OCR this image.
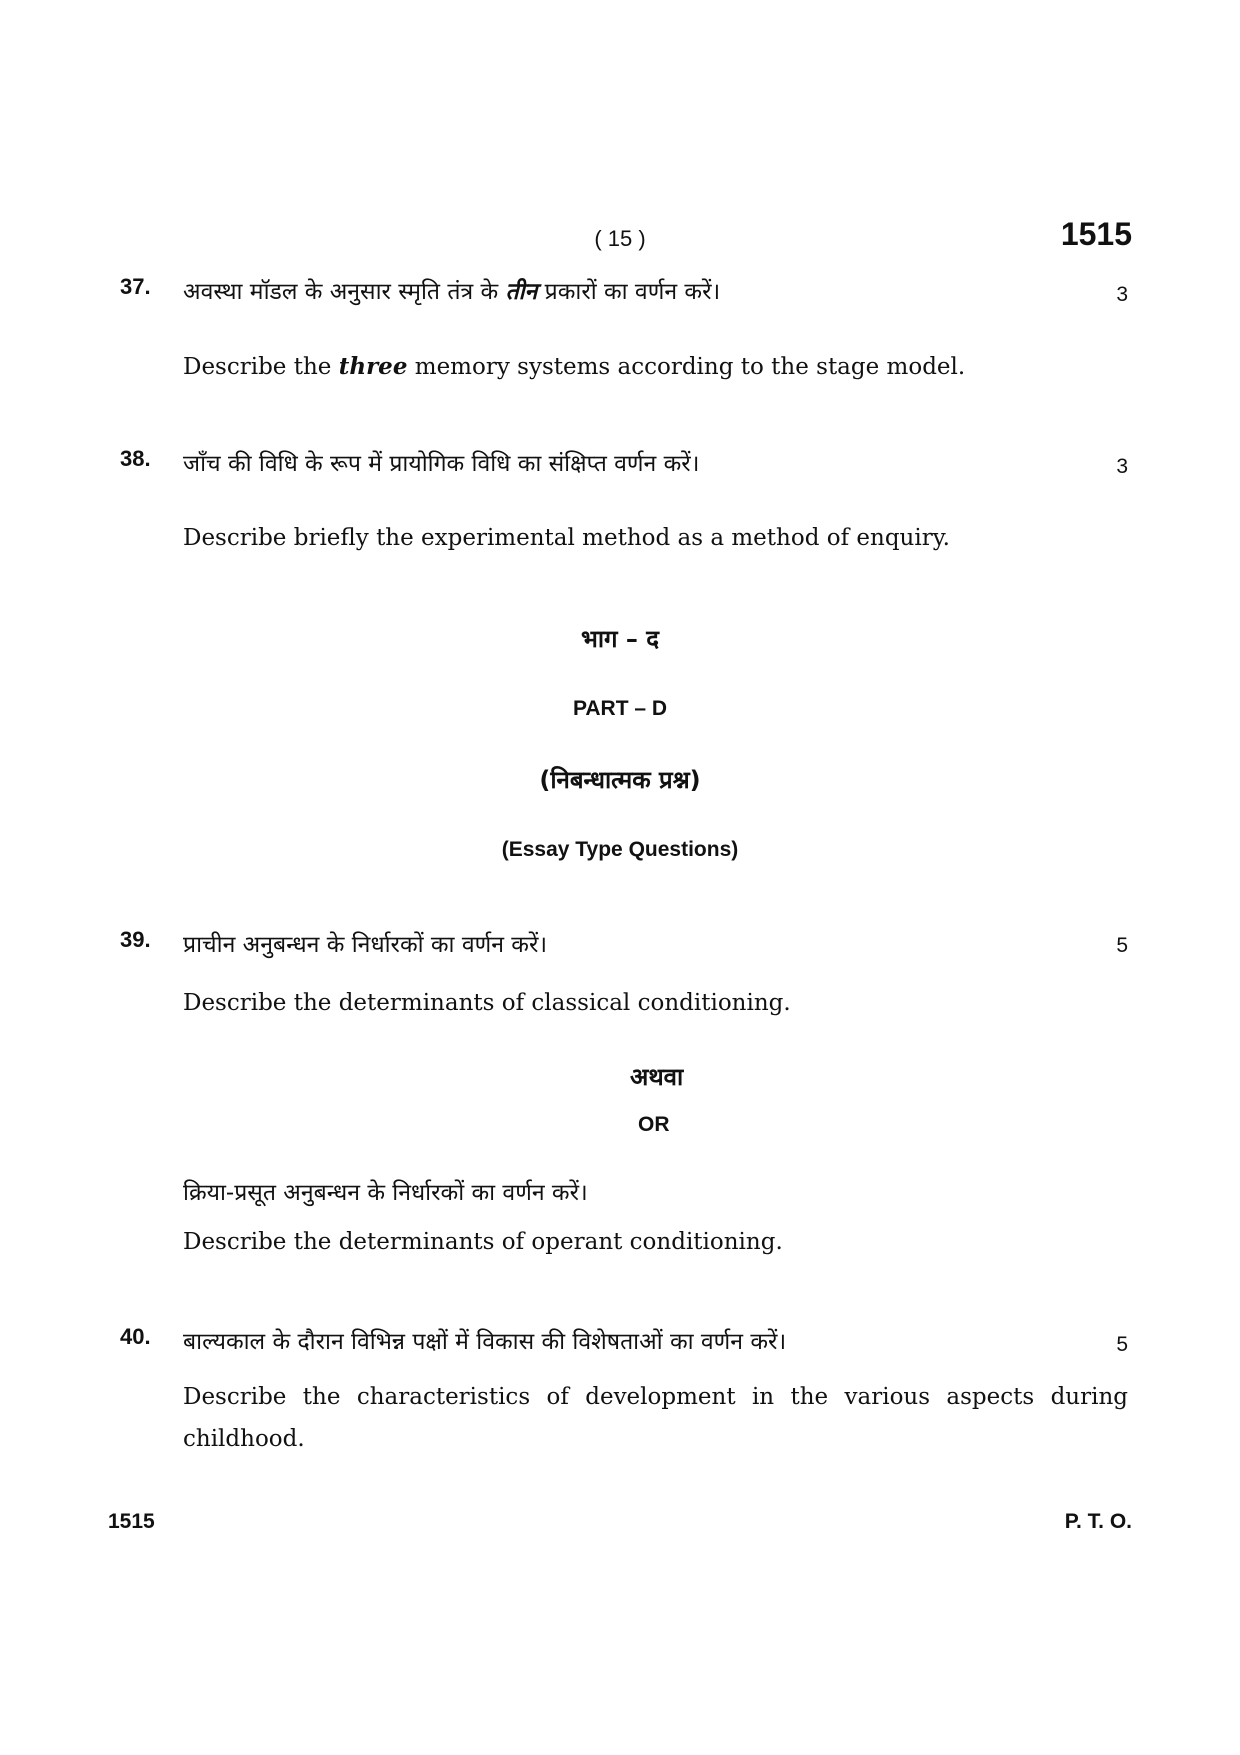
( 15 )	1515
37. अवस्था मॉडल के अनुसार स्मृति तंत्र के तीन प्रकारों का वर्णन करें।	3
Describe the three memory systems according to the stage model.
38. जाँच की विधि के रूप में प्रायोगिक विधि का संक्षिप्त वर्णन करें।	3
Describe briefly the experimental method as a method of enquiry.
भाग – द
PART – D
(निबन्धात्मक प्रश्न)
(Essay Type Questions)
39. प्राचीन अनुबन्धन के निर्धारकों का वर्णन करें।	5
Describe the determinants of classical conditioning.
अथवा
OR
क्रिया-प्रसूत अनुबन्धन के निर्धारकों का वर्णन करें।
Describe the determinants of operant conditioning.
40. बाल्यकाल के दौरान विभिन्न पक्षों में विकास की विशेषताओं का वर्णन करें।	5
Describe the characteristics of development in the various aspects during childhood.
1515	P. T. O.
